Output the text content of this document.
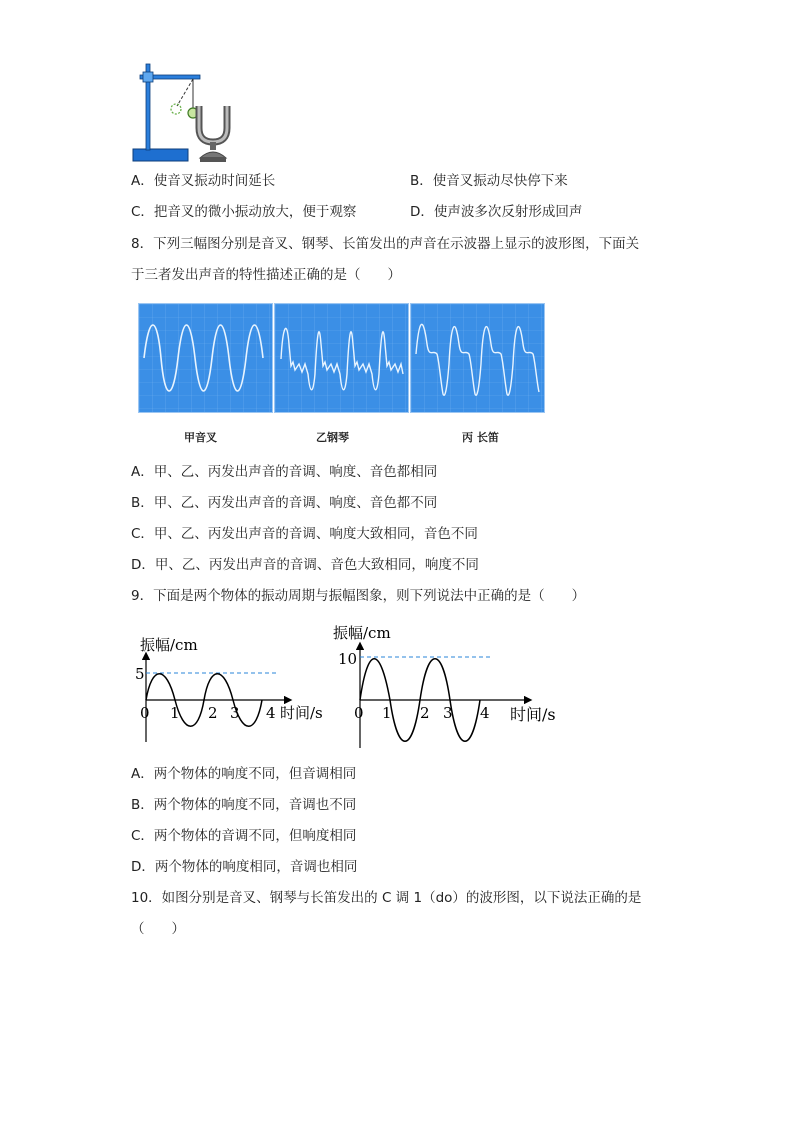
A．使音叉振动时间延长	B．使音叉振动尽快停下来
C．把音叉的微小振动放大，便于观察	D．使声波多次反射形成回声
8．下列三幅图分别是音叉、钢琴、长笛发出的声音在示波器上显示的波形图，下面关
于三者发出声音的特性描述正确的是（　　）
甲音叉	乙钢琴	丙 长笛
A．甲、乙、丙发出声音的音调、响度、音色都相同
B．甲、乙、丙发出声音的音调、响度、音色都不同
C．甲、乙、丙发出声音的音调、响度大致相同，音色不同
D．甲、乙、丙发出声音的音调、音色大致相同，响度不同
9．下面是两个物体的振动周期与振幅图象，则下列说法中正确的是（　　）
振幅/cm
5
0 1 2 3 4 时间/s
振幅/cm
10
0 1 2 3 4 时间/s
A．两个物体的响度不同，但音调相同
B．两个物体的响度不同，音调也不同
C．两个物体的音调不同，但响度相同
D．两个物体的响度相同，音调也相同
10．如图分别是音叉、钢琴与长笛发出的 C 调 1（do）的波形图，以下说法正确的是
（　　）
